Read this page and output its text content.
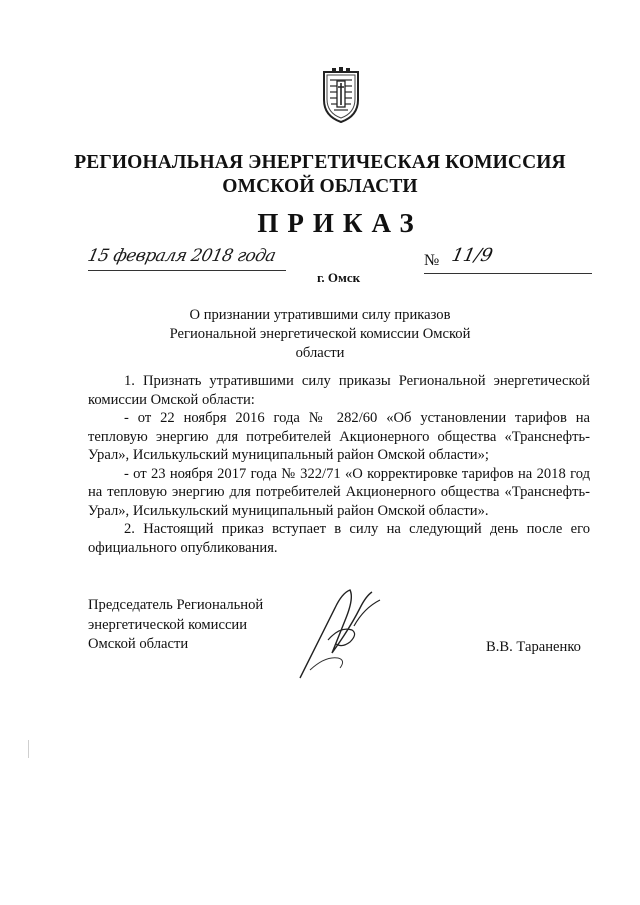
РЕГИОНАЛЬНАЯ ЭНЕРГЕТИЧЕСКАЯ КОМИССИЯ
ОМСКОЙ ОБЛАСТИ
ПРИКАЗ
15 февраля 2018 года
г. Омск
№ 11/9
О признании утратившими силу приказов
Региональной энергетической комиссии Омской области

1. Признать утратившими силу приказы Региональной энергетической комиссии Омской области:

- от 22 ноября 2016 года № 282/60 «Об установлении тарифов на тепловую энергию для потребителей Акционерного общества «Транснефть-Урал», Исилькульский муниципальный район Омской области»;

- от 23 ноября 2017 года № 322/71 «О корректировке тарифов на 2018 год на тепловую энергию для потребителей Акционерного общества «Транснефть-Урал», Исилькульский муниципальный район Омской области».

2. Настоящий приказ вступает в силу на следующий день после его официального опубликования.

Председатель Региональной
энергетической комиссии
Омской области	В.В. Тараненко
